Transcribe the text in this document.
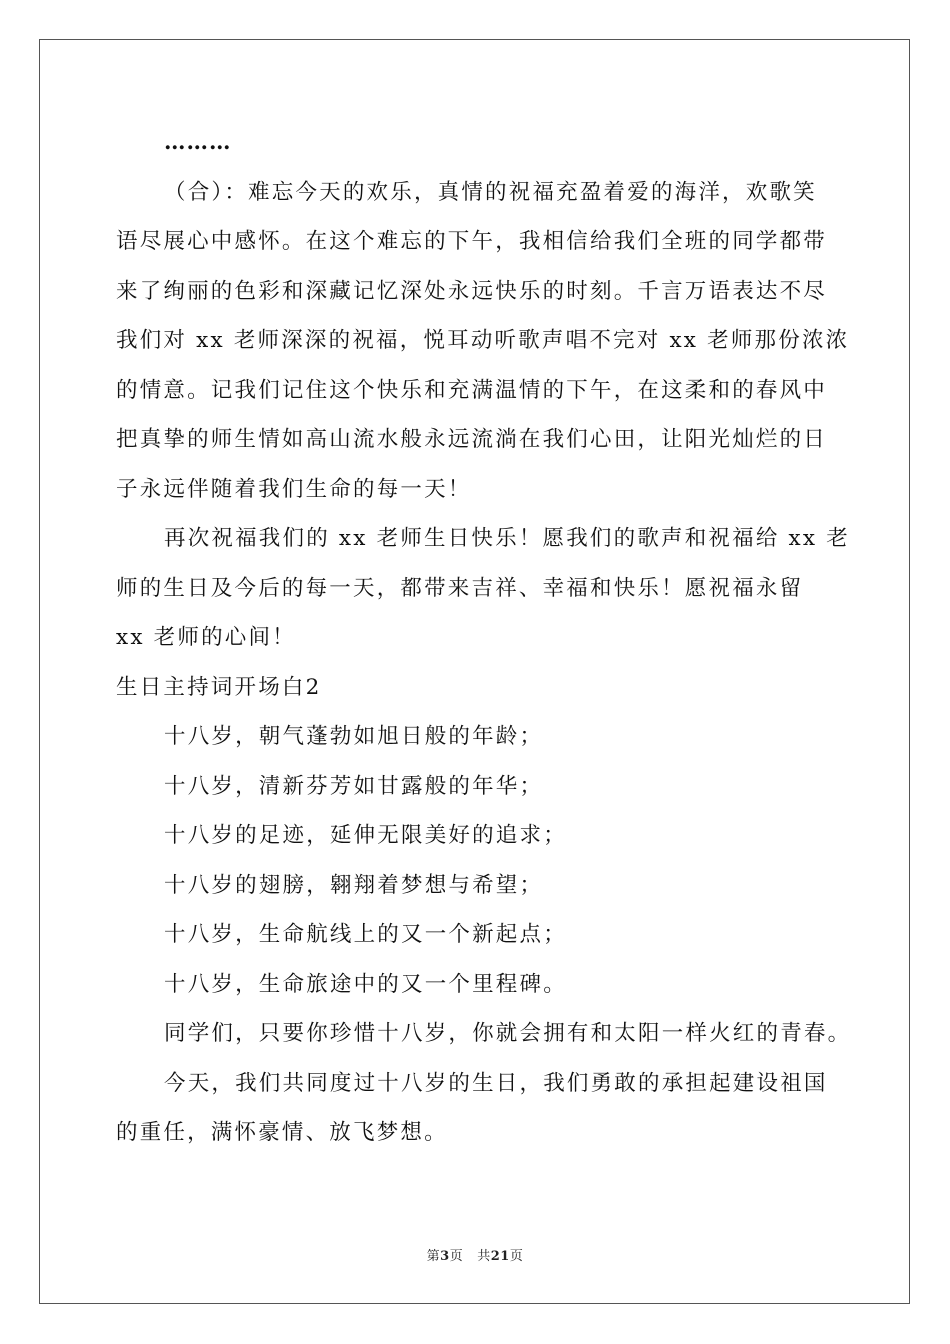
………
（合）：难忘今天的欢乐，真情的祝福充盈着爱的海洋，欢歌笑
语尽展心中感怀。在这个难忘的下午，我相信给我们全班的同学都带
来了绚丽的色彩和深藏记忆深处永远快乐的时刻。千言万语表达不尽
我们对 xx 老师深深的祝福，悦耳动听歌声唱不完对 xx 老师那份浓浓
的情意。记我们记住这个快乐和充满温情的下午，在这柔和的春风中
把真挚的师生情如高山流水般永远流淌在我们心田，让阳光灿烂的日
子永远伴随着我们生命的每一天！
再次祝福我们的 xx 老师生日快乐！愿我们的歌声和祝福给 xx 老
师的生日及今后的每一天，都带来吉祥、幸福和快乐！愿祝福永留
xx 老师的心间！
生日主持词开场白2
十八岁，朝气蓬勃如旭日般的年龄；
十八岁，清新芬芳如甘露般的年华；
十八岁的足迹，延伸无限美好的追求；
十八岁的翅膀，翱翔着梦想与希望；
十八岁，生命航线上的又一个新起点；
十八岁，生命旅途中的又一个里程碑。
同学们，只要你珍惜十八岁，你就会拥有和太阳一样火红的青春。
今天，我们共同度过十八岁的生日，我们勇敢的承担起建设祖国
的重任，满怀豪情、放飞梦想。
第3页 共21页
